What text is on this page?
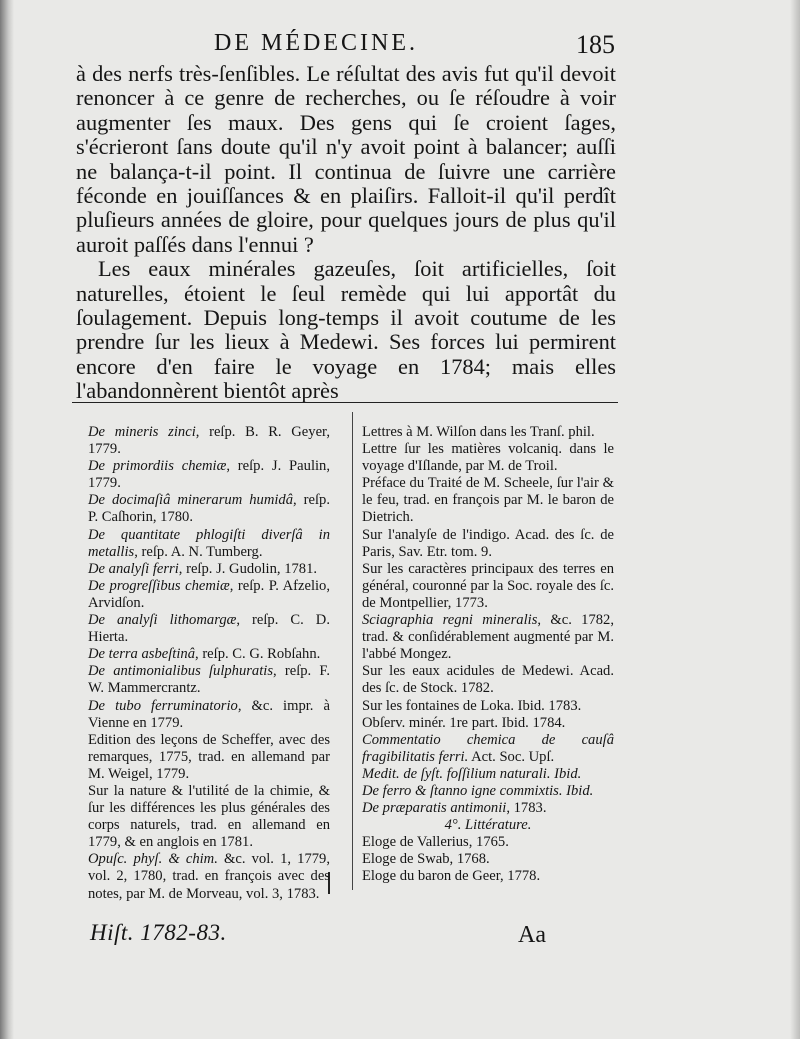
DE MÉDECINE.	185

à des nerfs très-ſenſibles. Le réſultat des avis fut qu'il devoit renoncer à ce genre de recherches, ou ſe réſoudre à voir augmenter ſes maux. Des gens qui ſe croient ſages, s'écrieront ſans doute qu'il n'y avoit point à balancer; auſſi ne balança-t-il point. Il continua de ſuivre une carrière féconde en jouiſſances & en plaiſirs. Falloit-il qu'il perdît pluſieurs années de gloire, pour quelques jours de plus qu'il auroit paſſés dans l'ennui ?

Les eaux minérales gazeuſes, ſoit artificielles, ſoit naturelles, étoient le ſeul remède qui lui apportât du ſoulagement. Depuis long-temps il avoit coutume de les prendre ſur les lieux à Medewi. Ses forces lui permirent encore d'en faire le voyage en 1784; mais elles l'abandonnèrent bientôt après

De mineris zinci, reſp. B. R. Geyer, 1779.
De primordiis chemiæ, reſp. J. Paulin, 1779.
De docimaſiâ minerarum humidâ, reſp. P. Caſhorin, 1780.
De quantitate phlogiſti diverſâ in metallis, reſp. A. N. Tumberg.
De analyſi ferri, reſp. J. Gudolin, 1781.
De progreſſibus chemiæ, reſp. P. Afzelio, Arvidſon.
De analyſi lithomargæ, reſp. C. D. Hierta.
De terra asbeſtinâ, reſp. C. G. Robſahn.
De antimonialibus ſulphuratis, reſp. F. W. Mammercrantz.
De tubo ferruminatorio, &c. impr. à Vienne en 1779.
Edition des leçons de Scheffer, avec des remarques, 1775, trad. en allemand par M. Weigel, 1779.
Sur la nature & l'utilité de la chimie, & ſur les différences les plus générales des corps naturels, trad. en allemand en 1779, & en anglois en 1781.
Opuſc. phyſ. & chim. &c. vol. 1, 1779, vol. 2, 1780, trad. en françois avec des notes, par M. de Morveau, vol. 3, 1783.
Lettres à M. Wilſon dans les Tranſ. phil.
Lettre ſur les matières volcaniq. dans le voyage d'Iſlande, par M. de Troil.
Préface du Traité de M. Scheele, ſur l'air & le feu, trad. en françois par M. le baron de Dietrich.
Sur l'analyſe de l'indigo. Acad. des ſc. de Paris, Sav. Etr. tom. 9.
Sur les caractères principaux des terres en général, couronné par la Soc. royale des ſc. de Montpellier, 1773.
Sciagraphia regni mineralis, &c. 1782, trad. & conſidérablement augmenté par M. l'abbé Mongez.
Sur les eaux acidules de Medewi. Acad. des ſc. de Stock. 1782.
Sur les fontaines de Loka. Ibid. 1783.
Obſerv. minér. 1re part. Ibid. 1784.
Commentatio chemica de cauſâ fragibilitatis ferri. Act. Soc. Upſ.
Medit. de ſyſt. foſſilium naturali. Ibid.
De ferro & ſtanno igne commixtis. Ibid.
De præparatis antimonii, 1783.
4°. Littérature.
Eloge de Vallerius, 1765.
Eloge de Swab, 1768.
Eloge du baron de Geer, 1778.
Hiſt. 1782-83.	Aa
